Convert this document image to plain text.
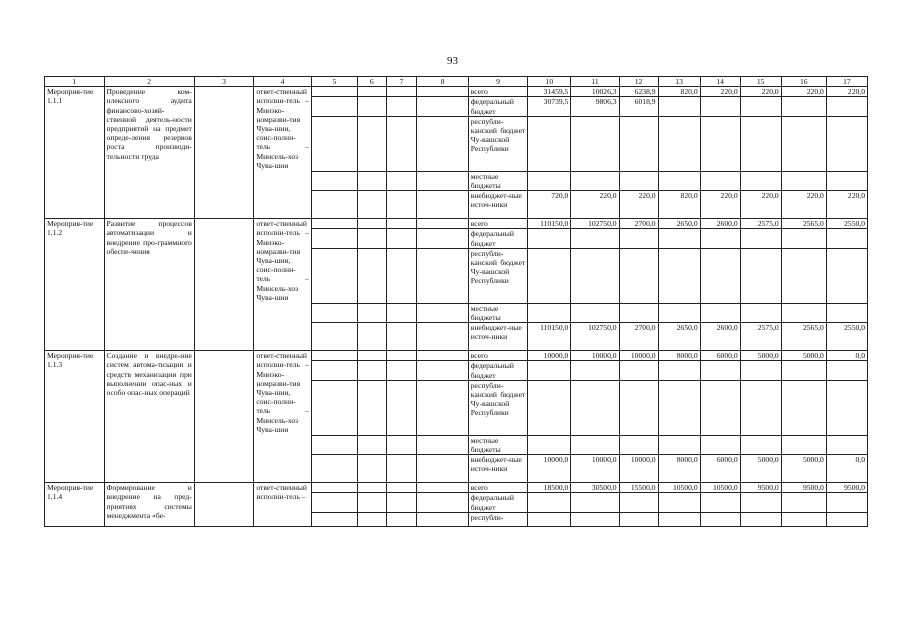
93
1	2	3	4	5	6	7	8	9	10	11	12	13	14	15	16	17
Мероприя-тие 1.1.1	Проведение ком-плексного аудита финансово-хозяй-ственной деятель-ности предприятий на предмет опреде-ления резервов роста производи-тельности труда		ответ-ственный исполни-тель – Минэко-номразви-тия Чува-шии, соис-полни-тель – Минсель-хоз Чува-шии					всего	31459,5	10026,3	6238,9	820,0	220,0	220,0	220,0	220,0
								федеральный бюджет	30739,5	9806,3	6018,9					
								республи-канский бюджет Чу-вашской Республики								
								местные бюджеты								
								внебюджет-ные источ-ники	720,0	220,0	220,0	820,0	220,0	220,0	220,0	220,0
Мероприя-тие 1.1.2	Развитие процессов автоматизации и внедрение про-граммного обеспе-чения		ответ-ственный исполни-тель – Минэко-номразви-тия Чува-шии, соис-полни-тель – Минсель-хоз Чува-шии					всего	110150,0	102750,0	2700,0	2650,0	2600,0	2575,0	2565,0	2550,0
								федеральный бюджет								
								республи-канский бюджет Чу-вашской Республики								
								местные бюджеты								
								внебюджет-ные источ-ники	110150,0	102750,0	2700,0	2650,0	2600,0	2575,0	2565,0	2550,0
Мероприя-тие 1.1.3	Создание и внедре-ние систем автома-тизации и средств механизации при выполнении опас-ных и особо опас-ных операций		ответ-ственный исполни-тель – Минэко-номразви-тия Чува-шии, соис-полни-тель – Минсель-хоз Чува-шии					всего	10000,0	10000,0	10000,0	8000,0	6000,0	5000,0	5000,0	0,0
								федеральный бюджет								
								республи-канский бюджет Чу-вашской Республики								
								местные бюджеты								
								внебюджет-ные источ-ники	10000,0	10000,0	10000,0	8000,0	6000,0	5000,0	5000,0	0,0
Мероприя-тие 1.1.4	Формирование и внедрение на пред-приятиях системы менеджмента «бе-		ответ-ственный исполни-тель –					всего	18500,0	30500,0	15500,0	10500,0	10500,0	9500,0	9500,0	9500,0
								федеральный бюджет								
								республи-								
